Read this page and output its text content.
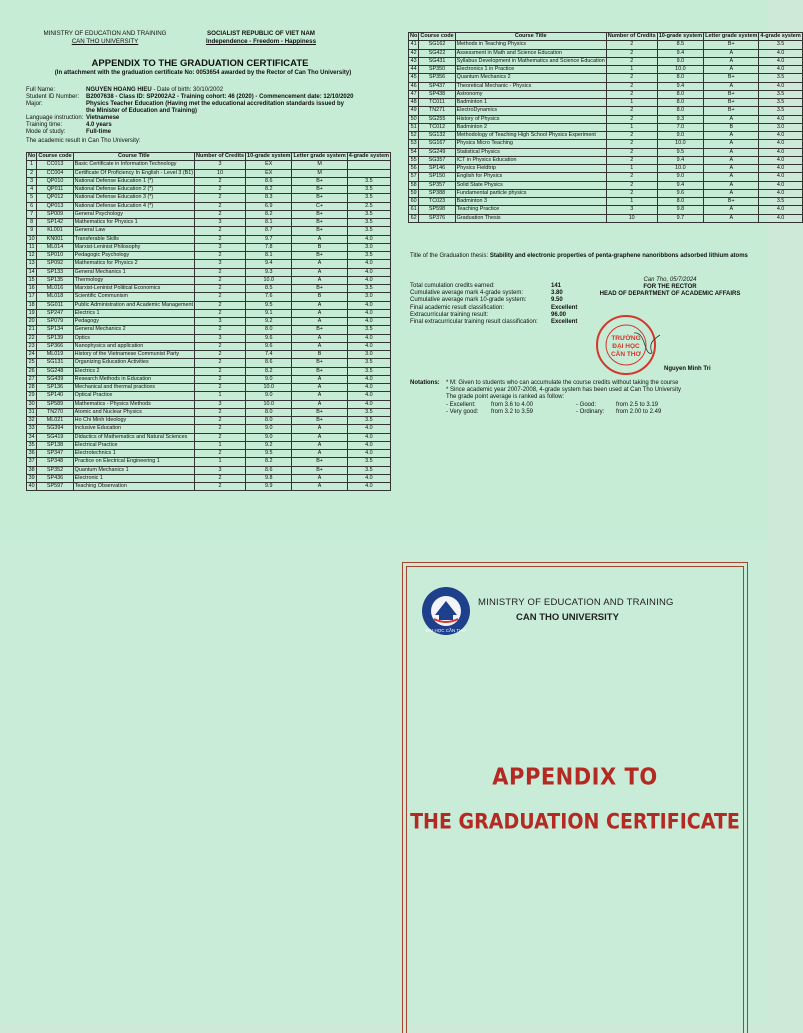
MINISTRY OF EDUCATION AND TRAINING
CAN THO UNIVERSITY
SOCIALIST REPUBLIC OF VIET NAM
Independence - Freedom - Happiness
APPENDIX TO THE GRADUATION CERTIFICATE
(In attachment with the graduation certificate No: 0053654 awarded by the Rector of Can Tho University)
Full Name:	NGUYEN HOANG HIEU - Date of birth: 30/10/2002
Student ID Number: B2007638 - Class ID: SP2002A2 - Training cohort: 46 (2020) - Commencement date: 12/10/2020
Major:	Physics Teacher Education (Having met the educational accreditation standards issued by
the Minister of Education and Training)
Language instruction: Vietnamese
Training time:	4.0 years
Mode of study:	Full-time
The academic result in Can Tho University:
No	Course code	Course Title	Number of Credits	10-grade system	Letter grade system	4-grade system
1	CC013	Basic Certificate in Information Technology	3	EX	M	
2	CC004	Certificate Of Proficiency In English - Level 3 (B1)	10	EX	M	
3	QP010	National Defense Education 1 (*)	2	8.6	B+	3.5
4	QP011	National Defense Education 2 (*)	2	8.2	B+	3.5
5	QP012	National Defense Education 3 (*)	2	8.3	B+	3.5
6	QP013	National Defense Education 4 (*)	2	6.9	C+	2.5
7	SP009	General Psychology	2	8.2	B+	3.5
8	SP142	Mathematics for Physics 1	3	8.1	B+	3.5
9	KL001	General Law	2	8.7	B+	3.5
10	KN001	Transferable Skills	2	9.7	A	4.0
11	ML014	Marxist-Leninist Philosophy	3	7.8	B	3.0
12	SP010	Pedagogic Psychology	2	8.1	B+	3.5
13	SP092	Mathematics for Physics 2	3	9.4	A	4.0
14	SP133	General Mechanics 1	2	9.3	A	4.0
15	SP135	Thermology	2	10.0	A	4.0
16	ML016	Marxist-Leninist Political Economics	2	8.5	B+	3.5
17	ML018	Scientific Communism	2	7.6	B	3.0
18	SG011	Public Administration and Academic Management	2	9.5	A	4.0
19	SP247	Electrics 1	2	9.1	A	4.0
20	SP079	Pedagogy	3	9.2	A	4.0
21	SP134	General Mechanics 2	2	8.0	B+	3.5
22	SP139	Optics	3	9.6	A	4.0
23	SP366	Nanophysics and application	2	9.6	A	4.0
24	ML019	History of the Vietnamese Communist Party	2	7.4	B	3.0
25	SG131	Organizing Education Activities	2	8.6	B+	3.5
26	SG248	Electrics 2	2	8.2	B+	3.5
27	SG439	Research Methods in Education	2	9.0	A	4.0
28	SP136	Mechanical and thermal practices	2	10.0	A	4.0
29	SP140	Optical Practice	1	9.0	A	4.0
30	SP589	Mathematics - Physics Methods	3	10.0	A	4.0
31	TN270	Atomic and Nuclear Physics	2	8.0	B+	3.5
32	ML021	Ho Chi Minh Ideology	2	8.0	B+	3.5
33	SG394	Inclusive Education	2	9.0	A	4.0
34	SG419	Didactics of Mathematics and Natural Sciences	2	9.0	A	4.0
35	SP138	Electrical Practice	1	9.2	A	4.0
36	SP347	Electrotechnics 1	2	9.5	A	4.0
37	SP348	Practice on Electrical Engineering 1	1	8.2	B+	3.5
38	SP352	Quantum Mechanics 1	3	8.6	B+	3.5
39	SP436	Electronic 1	2	9.8	A	4.0
40	SP597	Teaching Observation	2	9.9	A	4.0
No	Course code	Course Title	Number of Credits	10-grade system	Letter grade system	4-grade system
41	SG162	Methods in Teaching Physics	2	8.5	B+	3.5
42	SG422	Assessment in Math and Science Education	2	9.4	A	4.0
43	SG431	Syllabus Development in Mathematics and Science Education	2	9.0	A	4.0
44	SP350	Electronics 1 in Practice	1	10.0	A	4.0
45	SP356	Quantum Mechanics 2	2	8.0	B+	3.5
46	SP437	Theoretical Mechanic - Physics	2	9.4	A	4.0
47	SP438	Astronomy	2	8.0	B+	3.5
48	TC011	Badminton 1	1	8.0	B+	3.5
49	TN271	ElectroDynamics	2	8.0	B+	3.5
50	SG255	History of Physics	2	9.3	A	4.0
51	TC012	Badminton 2	1	7.0	B	3.0
52	SG132	Methodology of Teaching High School Physics Experiment	2	9.0	A	4.0
53	SG167	Physics Micro Teaching	2	10.0	A	4.0
54	SG249	Statistical Physics	2	9.5	A	4.0
55	SG357	ICT in Physics Education	2	9.4	A	4.0
56	SP146	Physics Fieldtrip	1	10.0	A	4.0
57	SP150	English for Physics	2	9.0	A	4.0
58	SP357	Solid State Physics	2	9.4	A	4.0
59	SP388	Fundamental particle physics	2	9.6	A	4.0
60	TC023	Badminton 3	1	8.0	B+	3.5
61	SP598	Teaching Practice	3	9.8	A	4.0
62	SP376	Graduation Thesis	10	9.7	A	4.0
Title of the Graduation thesis: Stability and electronic properties of penta-graphene nanoribbons adsorbed lithium atoms
Total cumulation credits earned:	141
Cumulative average mark 4-grade system:	3.80
Cumulative average mark 10-grade system:	9.50
Final academic result classification:	Excellent
Extracurricular training result:	96.00
Final extracurricular training result classification:	Excellent
Can Tho, 05/7/2024
FOR THE RECTOR
HEAD OF DEPARTMENT OF ACADEMIC AFFAIRS
TRƯỜNG
ĐẠI HỌC
CẦN THƠ
Nguyen Minh Tri
Notations: * M: Given to students who can accumulate the course credits without taking the course
* Since academic year 2007-2008, 4-grade system has been used at Can Tho University
The grade point average is ranked as follow:
- Excellent:	from 3.6 to 4.00	- Good:	from 2.5 to 3.19
- Very good:	from 3.2 to 3.59	- Ordinary:	from 2.00 to 2.49
ĐẠI HỌC CẦN THƠ
MINISTRY OF EDUCATION AND TRAINING
CAN THO UNIVERSITY
APPENDIX TO
THE GRADUATION CERTIFICATE
